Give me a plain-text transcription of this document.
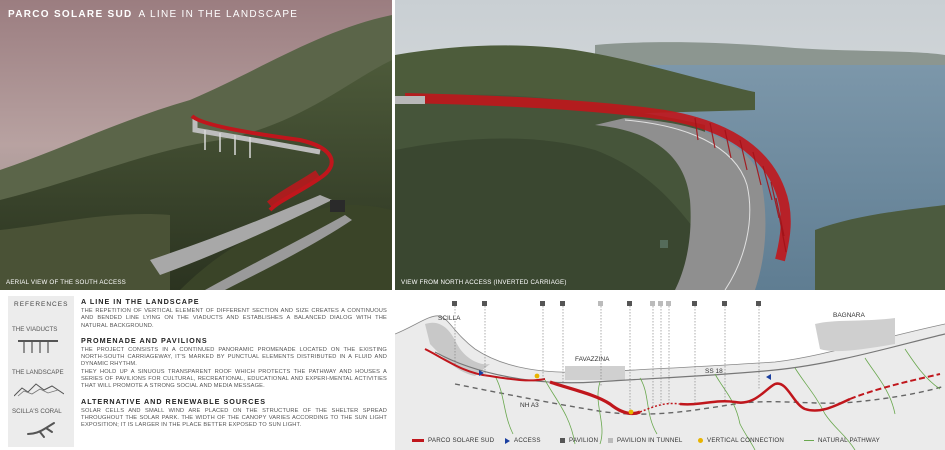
PARCO SOLARE SUD A LINE IN THE LANDSCAPE
AERIAL VIEW OF THE SOUTH ACCESS	VIEW FROM NORTH ACCESS (INVERTED CARRIAGE)
REFERENCES
THE VIADUCTS
THE LANDSCAPE
SCILLA'S CORAL
A LINE IN THE LANDSCAPE
THE REPETITION OF VERTICAL ELEMENT OF DIFFERENT SECTION AND SIZE CREATES A CONTINUOUS AND BENDED LINE LYING ON THE VIADUCTS AND ESTABLISHES A BALANCED DIALOG WITH THE NATURAL BACKGROUND.
PROMENADE AND PAVILIONS
THE PROJECT CONSISTS IN A CONTINUED PANORAMIC PROMENADE LOCATED ON THE EXISTING NORTH-SOUTH CARRIAGEWAY, IT'S MARKED BY PUNCTUAL ELEMENTS DISTRIBUTED IN A FLUID AND DYNAMIC RHYTHM.
THEY HOLD UP A SINUOUS TRANSPARENT ROOF WHICH PROTECTS THE PATHWAY AND HOUSES A SERIES OF PAVILIONS FOR CULTURAL, RECREATIONAL, EDUCATIONAL AND EXPERI-MENTAL ACTIVITIES THAT WILL PROMOTE A STRONG SOCIAL AND MEDIA MESSAGE.
ALTERNATIVE AND RENEWABLE SOURCES
SOLAR CELLS AND SMALL WIND ARE PLACED ON THE STRUCTURE OF THE SHELTER SPREAD THROUGHOUT THE SOLAR PARK. THE WIDTH OF THE CANOPY VARIES ACCORDING TO THE SUN LIGHT EXPOSITION; IT IS LARGER IN THE PLACE BETTER EXPOSED TO SUN LIGHT.
SCILLA
FAVAZZINA
BAGNARA
SS 18
NH A3
PARCO SOLARE SUD	ACCESS	PAVILION	PAVILION IN TUNNEL	VERTICAL CONNECTION	NATURAL PATHWAY
